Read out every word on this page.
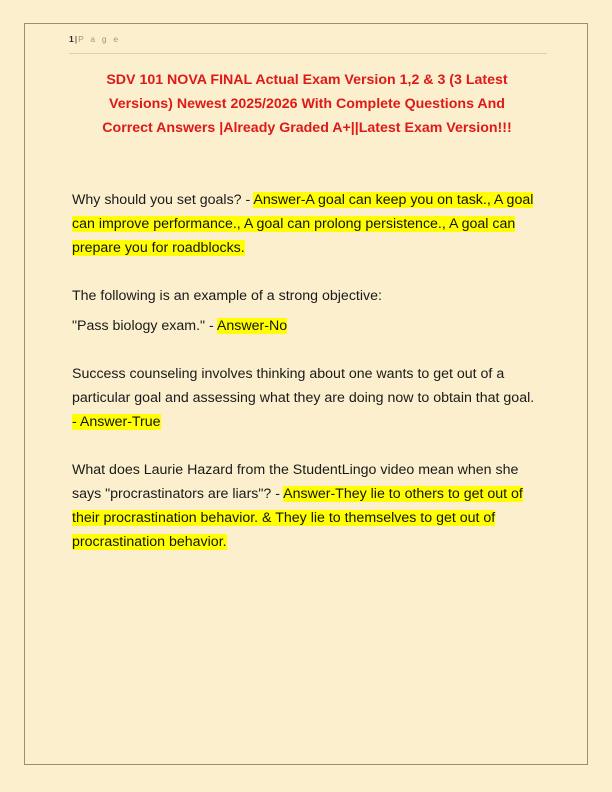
1|P a g e
SDV 101 NOVA FINAL Actual Exam Version 1,2 & 3 (3 Latest Versions) Newest 2025/2026 With Complete Questions And Correct Answers |Already Graded A+||Latest Exam Version!!!

Why should you set goals? - Answer-A goal can keep you on task., A goal can improve performance., A goal can prolong persistence., A goal can prepare you for roadblocks.

The following is an example of a strong objective:

"Pass biology exam." - Answer-No

Success counseling involves thinking about one wants to get out of a particular goal and assessing what they are doing now to obtain that goal. - Answer-True

What does Laurie Hazard from the StudentLingo video mean when she says "procrastinators are liars"? - Answer-They lie to others to get out of their procrastination behavior. & They lie to themselves to get out of procrastination behavior.
